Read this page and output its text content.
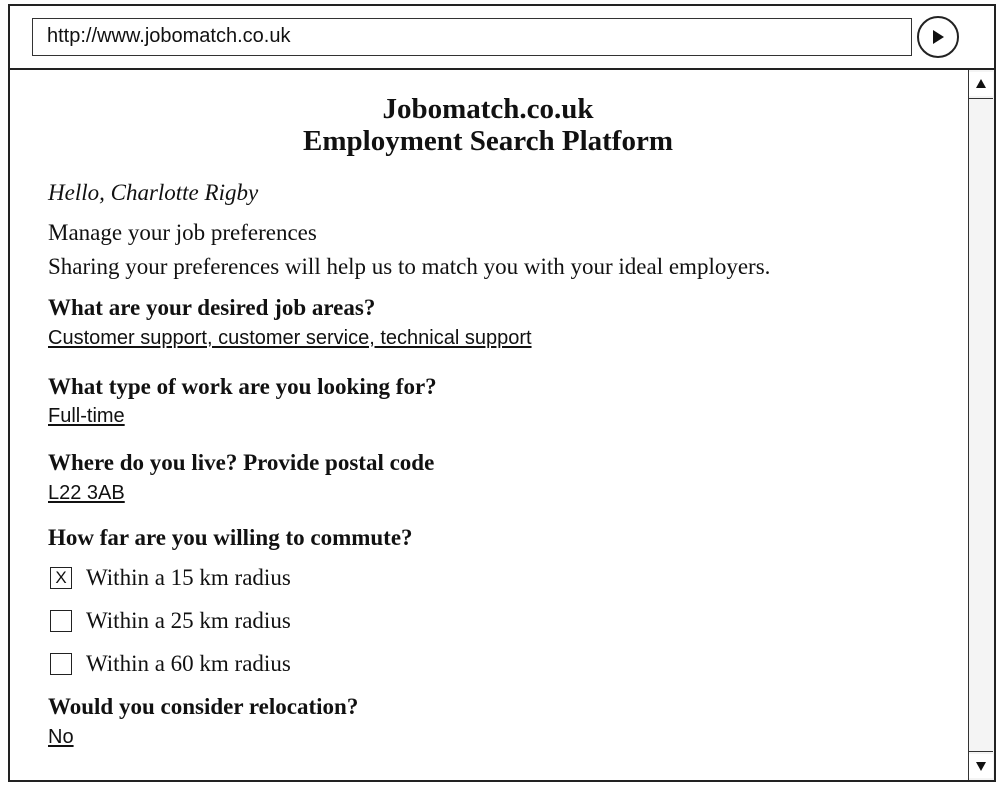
http://www.jobomatch.co.uk
Jobomatch.co.uk
Employment Search Platform
Hello, Charlotte Rigby
Manage your job preferences
Sharing your preferences will help us to match you with your ideal employers.
What are your desired job areas?
Customer support, customer service, technical support
What type of work are you looking for?
Full-time
Where do you live? Provide postal code
L22 3AB
How far are you willing to commute?
X Within a 15 km radius
Within a 25 km radius
Within a 60 km radius
Would you consider relocation?
No
